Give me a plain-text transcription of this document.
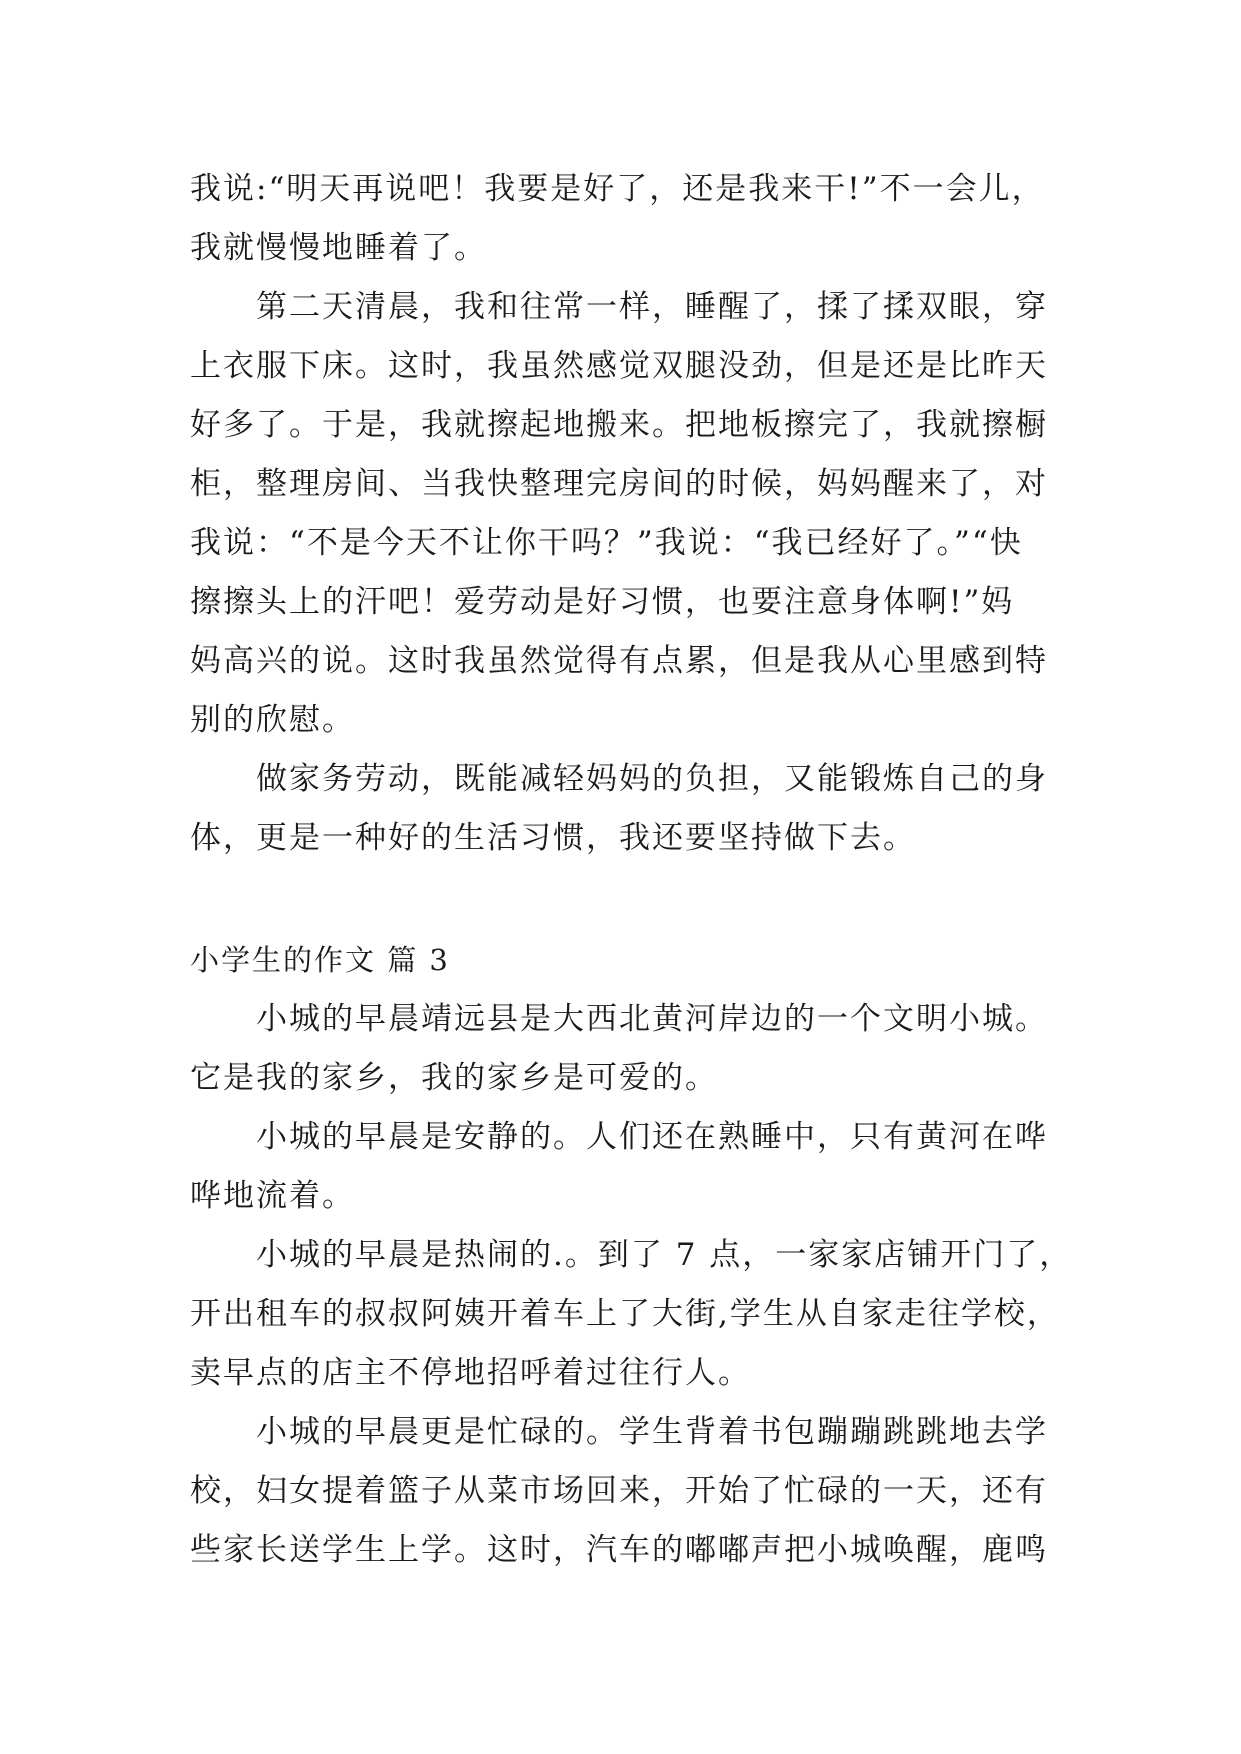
我说:“明天再说吧！我要是好了，还是我来干!”不一会儿，
我就慢慢地睡着了。
　　第二天清晨，我和往常一样，睡醒了，揉了揉双眼，穿
上衣服下床。这时，我虽然感觉双腿没劲，但是还是比昨天
好多了。于是，我就擦起地搬来。把地板擦完了，我就擦橱
柜，整理房间、当我快整理完房间的时候，妈妈醒来了，对
我说：“不是今天不让你干吗？”我说：“我已经好了。”“快
擦擦头上的汗吧！爱劳动是好习惯，也要注意身体啊!”妈
妈高兴的说。这时我虽然觉得有点累，但是我从心里感到特
别的欣慰。
　　做家务劳动，既能减轻妈妈的负担，又能锻炼自己的身
体，更是一种好的生活习惯，我还要坚持做下去。
小学生的作文 篇 3
　　小城的早晨靖远县是大西北黄河岸边的一个文明小城。
它是我的家乡，我的家乡是可爱的。
　　小城的早晨是安静的。人们还在熟睡中，只有黄河在哗
哗地流着。
　　小城的早晨是热闹的.。到了 7 点，一家家店铺开门了，
开出租车的叔叔阿姨开着车上了大街,学生从自家走往学校，
卖早点的店主不停地招呼着过往行人。
　　小城的早晨更是忙碌的。学生背着书包蹦蹦跳跳地去学
校，妇女提着篮子从菜市场回来，开始了忙碌的一天，还有
些家长送学生上学。这时，汽车的嘟嘟声把小城唤醒，鹿鸣
